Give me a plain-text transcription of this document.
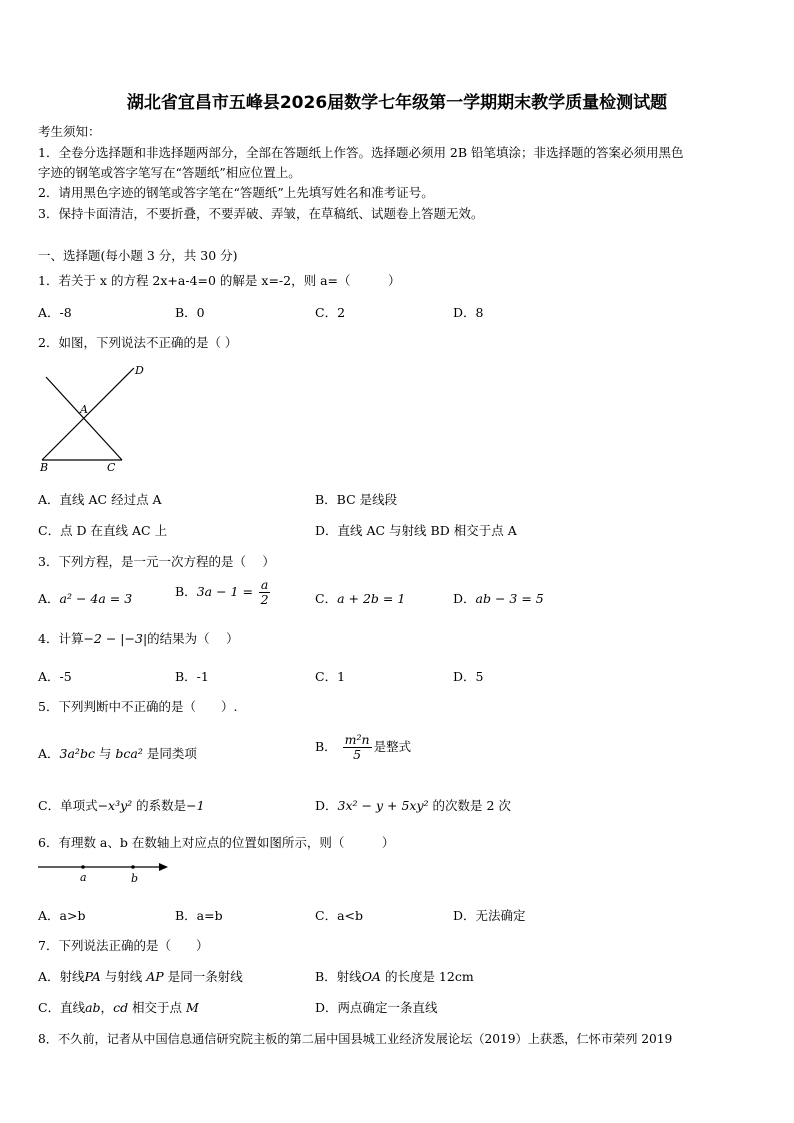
湖北省宜昌市五峰县2026届数学七年级第一学期期末教学质量检测试题
考生须知：
1．全卷分选择题和非选择题两部分，全部在答题纸上作答。选择题必须用 2B 铅笔填涂；非选择题的答案必须用黑色
字迹的钢笔或答字笔写在“答题纸”相应位置上。
2．请用黑色字迹的钢笔或答字笔在“答题纸”上先填写姓名和准考证号。
3．保持卡面清洁，不要折叠，不要弄破、弄皱，在草稿纸、试题卷上答题无效。
一、选择题(每小题 3 分，共 30 分)
1．若关于 x 的方程 2x+a-4=0 的解是 x=-2，则 a=（　　　）
A．-8	B．0	C．2	D．8
2．如图，下列说法不正确的是（ ）
D
A
B	C
A．直线 AC 经过点 A	B．BC 是线段
C．点 D 在直线 AC 上	D．直线 AC 与射线 BD 相交于点 A
3．下列方程，是一元一次方程的是（　 ）
A．a² − 4a = 3	B．$3a - 1 = \frac{a}{2}$	C．a + 2b = 1	D．ab − 3 = 5
4．计算−2 − |−3|的结果为（　 ）
A．-5	B．-1	C．1	D．5
5．下列判断中不正确的是（　　）.
A．3a²bc 与 bca² 是同类项	B． $\frac{\text{m²n}}{5}$ 是整式
C．单项式−x³y² 的系数是−1	D．3x² − y + 5xy² 的次数是 2 次
6．有理数 a、b 在数轴上对应点的位置如图所示，则（　　　）
a	b
A．a>b	B．a=b	C．a<b	D．无法确定
7．下列说法正确的是（　　）
A．射线PA 与射线 AP 是同一条射线	B．射线OA 的长度是 12cm
C．直线ab，cd 相交于点 M	D．两点确定一条直线
8．不久前，记者从中国信息通信研究院主板的第二届中国县城工业经济发展论坛（2019）上获悉，仁怀市荣列 2019
